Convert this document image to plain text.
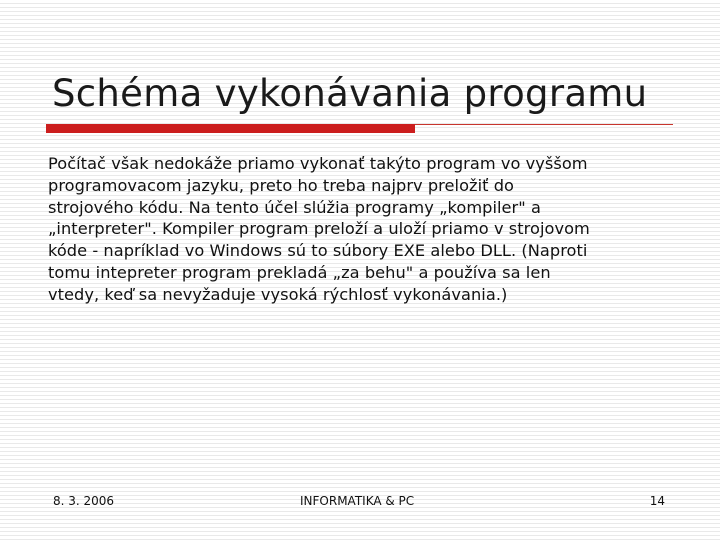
Schéma vykonávania programu
Počítač však nedokáže priamo vykonať takýto program vo vyššom
programovacom jazyku, preto ho treba najprv preložiť do
strojového kódu. Na tento účel slúžia programy „kompiler" a
„interpreter". Kompiler program preloží a uloží priamo v strojovom
kóde - napríklad vo Windows sú to súbory EXE alebo DLL. (Naproti
tomu intepreter program prekladá „za behu" a používa sa len
vtedy, keď sa nevyžaduje vysoká rýchlosť vykonávania.)
8. 3. 2006	INFORMATIKA & PC	14
